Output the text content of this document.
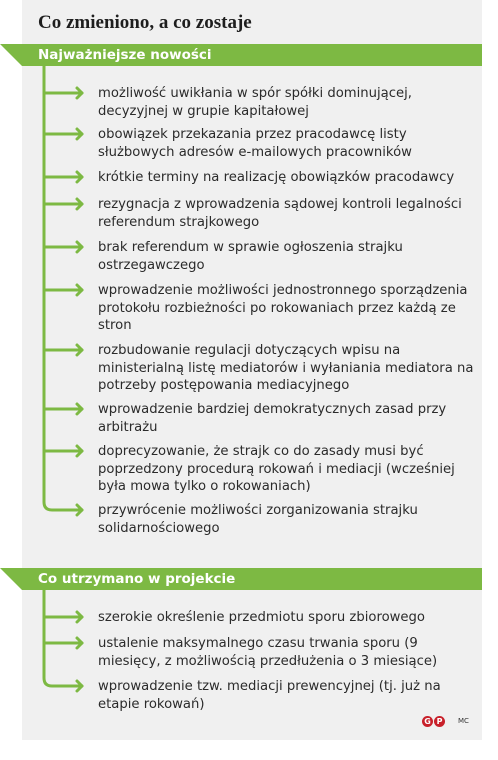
Co zmieniono, a co zostaje
Najważniejsze nowości
Co utrzymano w projekcie
możliwość uwikłania w spór spółki dominującej, decyzyjnej w grupie kapitałowej
obowiązek przekazania przez pracodawcę listy służbowych adresów e-mailowych pracowników
krótkie terminy na realizację obowiązków pracodawcy
rezygnacja z wprowadzenia sądowej kontroli legalności referendum strajkowego
brak referendum w sprawie ogłoszenia strajku ostrzegawczego
wprowadzenie możliwości jednostronnego sporządzenia protokołu rozbieżności po rokowaniach przez każdą ze stron
rozbudowanie regulacji dotyczących wpisu na ministerialną listę mediatorów i wyłaniania mediatora na potrzeby postępowania mediacyjnego
wprowadzenie bardziej demokratycznych zasad przy arbitrażu
doprecyzowanie, że strajk co do zasady musi być poprzedzony procedurą rokowań i mediacji (wcześniej była mowa tylko o rokowaniach)
przywrócenie możliwości zorganizowania strajku solidarnościowego
szerokie określenie przedmiotu sporu zbiorowego
ustalenie maksymalnego czasu trwania sporu (9 miesięcy, z możliwością przedłużenia o 3 miesiące)
wprowadzenie tzw. mediacji prewencyjnej (tj. już na etapie rokowań)
G P	MC
